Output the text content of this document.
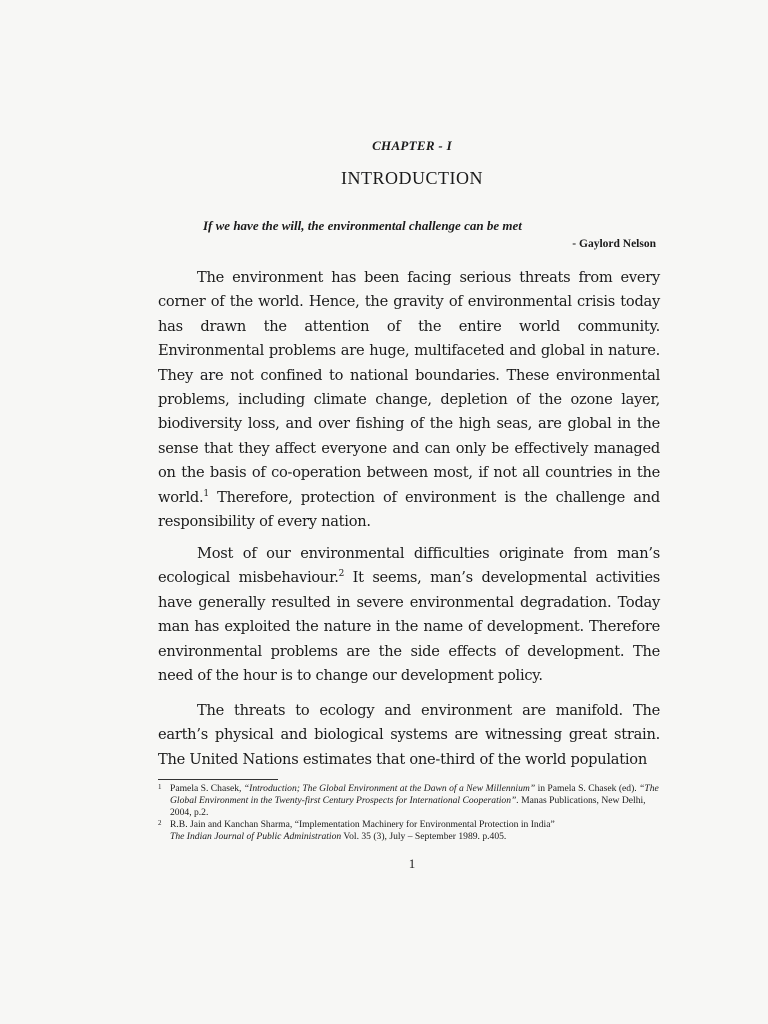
CHAPTER - I
INTRODUCTION
If we have the will, the environmental challenge can be met
- Gaylord Nelson

The environment has been facing serious threats from every corner of the world. Hence, the gravity of environmental crisis today has drawn the attention of the entire world community. Environmental problems are huge, multifaceted and global in nature. They are not confined to national boundaries. These environmental problems, including climate change, depletion of the ozone layer, biodiversity loss, and over fishing of the high seas, are global in the sense that they affect everyone and can only be effectively managed on the basis of co-operation between most, if not all countries in the world.$^1$ Therefore, protection of environment is the challenge and responsibility of every nation.

Most of our environmental difficulties originate from man’s ecological misbehaviour.$^2$ It seems, man’s developmental activities have generally resulted in severe environmental degradation. Today man has exploited the nature in the name of development. Therefore environmental problems are the side effects of development. The need of the hour is to change our development policy.

The threats to ecology and environment are manifold. The earth’s physical and biological systems are witnessing great strain. The United Nations estimates that one-third of the world population

1 Pamela S. Chasek, “Introduction; The Global Environment at the Dawn of a New Millennium” in Pamela S. Chasek (ed). “The Global Environment in the Twenty-first Century Prospects for International Cooperation”. Manas Publications, New Delhi, 2004, p.2.
2 R.B. Jain and Kanchan Sharma, “Implementation Machinery for Environmental Protection in India”
The Indian Journal of Public Administration Vol. 35 (3), July – September 1989. p.405.
1
